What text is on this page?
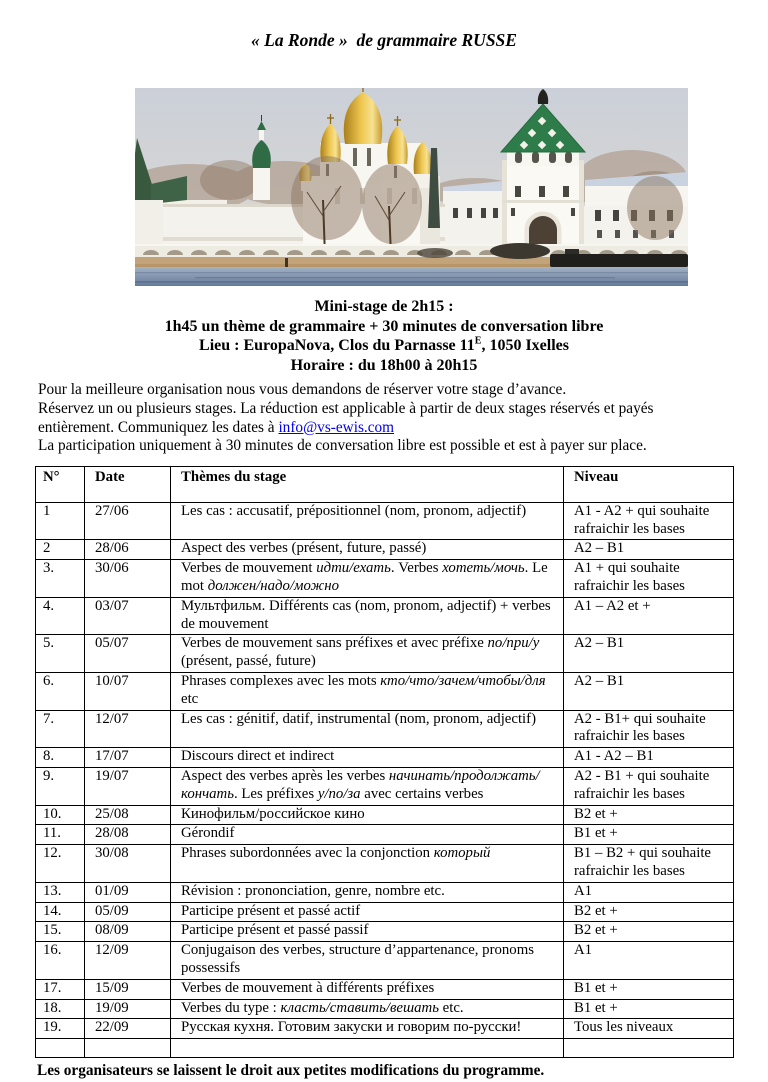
« La Ronde »  de grammaire RUSSE
Mini-stage de 2h15 :
1h45 un thème de grammaire + 30 minutes de conversation libre
Lieu : EuropaNova, Clos du Parnasse $11^E$, 1050 Ixelles
Horaire : du 18h00 à 20h15
Pour la meilleure organisation nous vous demandons de réserver votre stage d’avance.
Réservez un ou plusieurs stages. La réduction est applicable à partir de deux stages réservés et payés
entièrement. Communiquez les dates à info@vs-ewis.com
La participation uniquement à 30 minutes de conversation libre est possible et est à payer sur place.
N°	Date	Thèmes du stage	Niveau
1	27/06	Les cas : accusatif, prépositionnel (nom, pronom, adjectif)	A1 - A2 + qui souhaite rafraichir les bases
2	28/06	Aspect des verbes (présent, future, passé)	A2 – B1
3.	30/06	Verbes de mouvement идти/ехать. Verbes хотеть/мочь. Le mot должен/надо/можно	A1 + qui souhaite rafraichir les bases
4.	03/07	Мультфильм. Différents cas (nom, pronom, adjectif) + verbes de mouvement	A1 – A2 et +
5.	05/07	Verbes de mouvement sans préfixes et avec préfixe по/при/у (présent, passé, future)	A2 – B1
6.	10/07	Phrases complexes avec les mots кто/что/зачем/чтобы/для etc	A2 – B1
7.	12/07	Les cas : génitif, datif, instrumental (nom, pronom, adjectif)	A2 - B1+ qui souhaite rafraichir les bases
8.	17/07	Discours direct et indirect	A1 - A2 – B1
9.	19/07	Aspect des verbes après les verbes начинать/продолжать/кончать. Les préfixes у/по/за avec certains verbes	A2 - B1 + qui souhaite rafraichir les bases
10.	25/08	Кинофильм/российское кино	B2 et +
11.	28/08	Gérondif	B1 et +
12.	30/08	Phrases subordonnées avec la conjonction который	B1 – B2 + qui souhaite rafraichir les bases
13.	01/09	Révision : prononciation, genre, nombre etc.	A1
14.	05/09	Participe présent et passé actif	B2 et +
15.	08/09	Participe présent et passé passif	B2 et +
16.	12/09	Conjugaison des verbes, structure d’appartenance, pronoms possessifs	A1
17.	15/09	Verbes de mouvement à différents préfixes	B1 et +
18.	19/09	Verbes du type : класть/ставить/вешать etc.	B1 et +
19.	22/09	Русская кухня. Готовим закуски и говорим по-русски!	Tous les niveaux

Les organisateurs se laissent le droit aux petites modifications du programme.
